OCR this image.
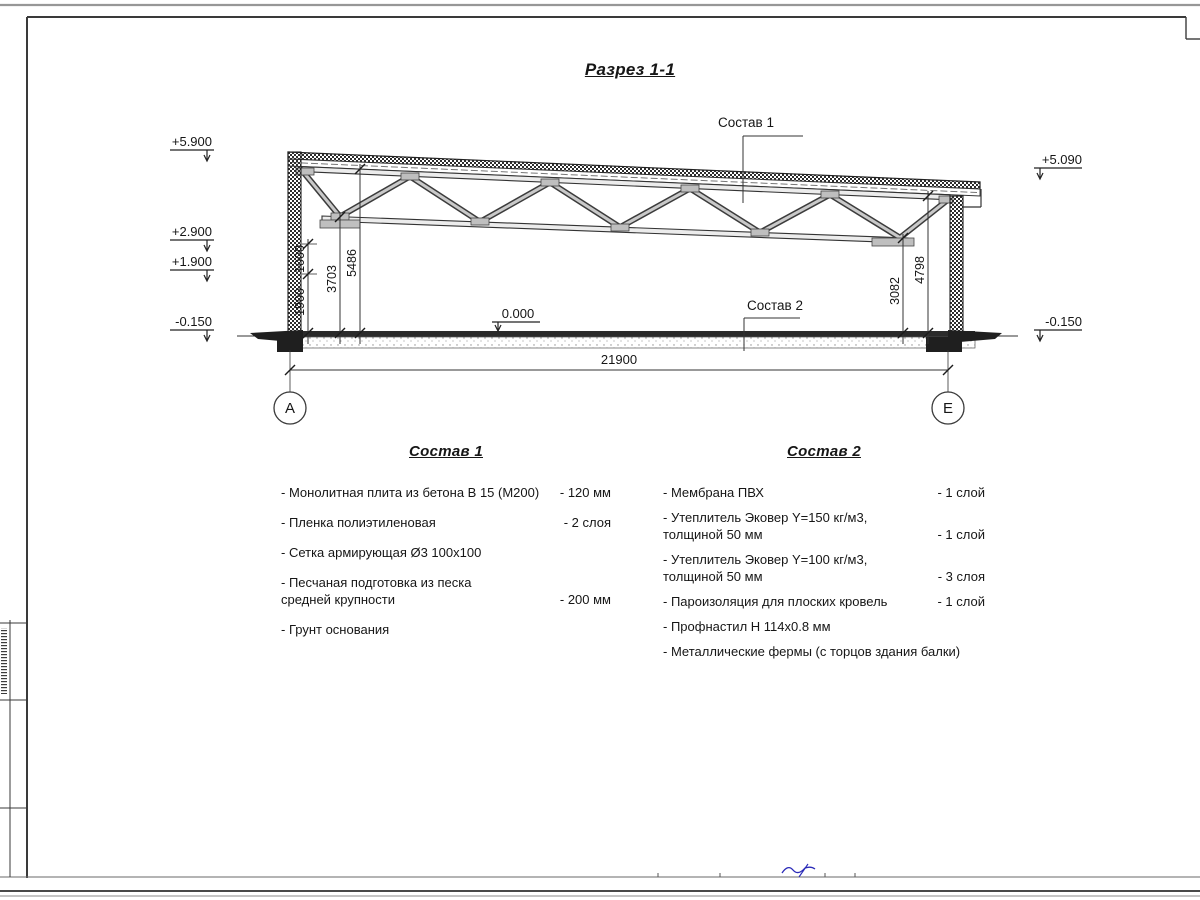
+5.900
+2.900
+1.900
-0.150
+5.090
-0.150
0.000
1000
1900
3703
5486
3082
4798
21900
А	Е
Разрез 1-1
Состав 1
Состав 2
Состав 1
- Монолитная плита из бетона В 15 (М200)	- 120 мм
- Пленка полиэтиленовая	- 2 слоя
- Сетка армирующая Ø3 100х100
- Песчаная подготовка из песка
средней крупности	- 200 мм
- Грунт основания
Состав 2
- Мембрана ПВХ	- 1 слой
- Утеплитель Эковер Y=150 кг/м3,
толщиной 50 мм	- 1 слой
- Утеплитель Эковер Y=100 кг/м3,
толщиной 50 мм	- 3 слоя
- Пароизоляция для плоских кровель	- 1 слой
- Профнастил Н 114х0.8 мм
- Металлические фермы (с торцов здания балки)
